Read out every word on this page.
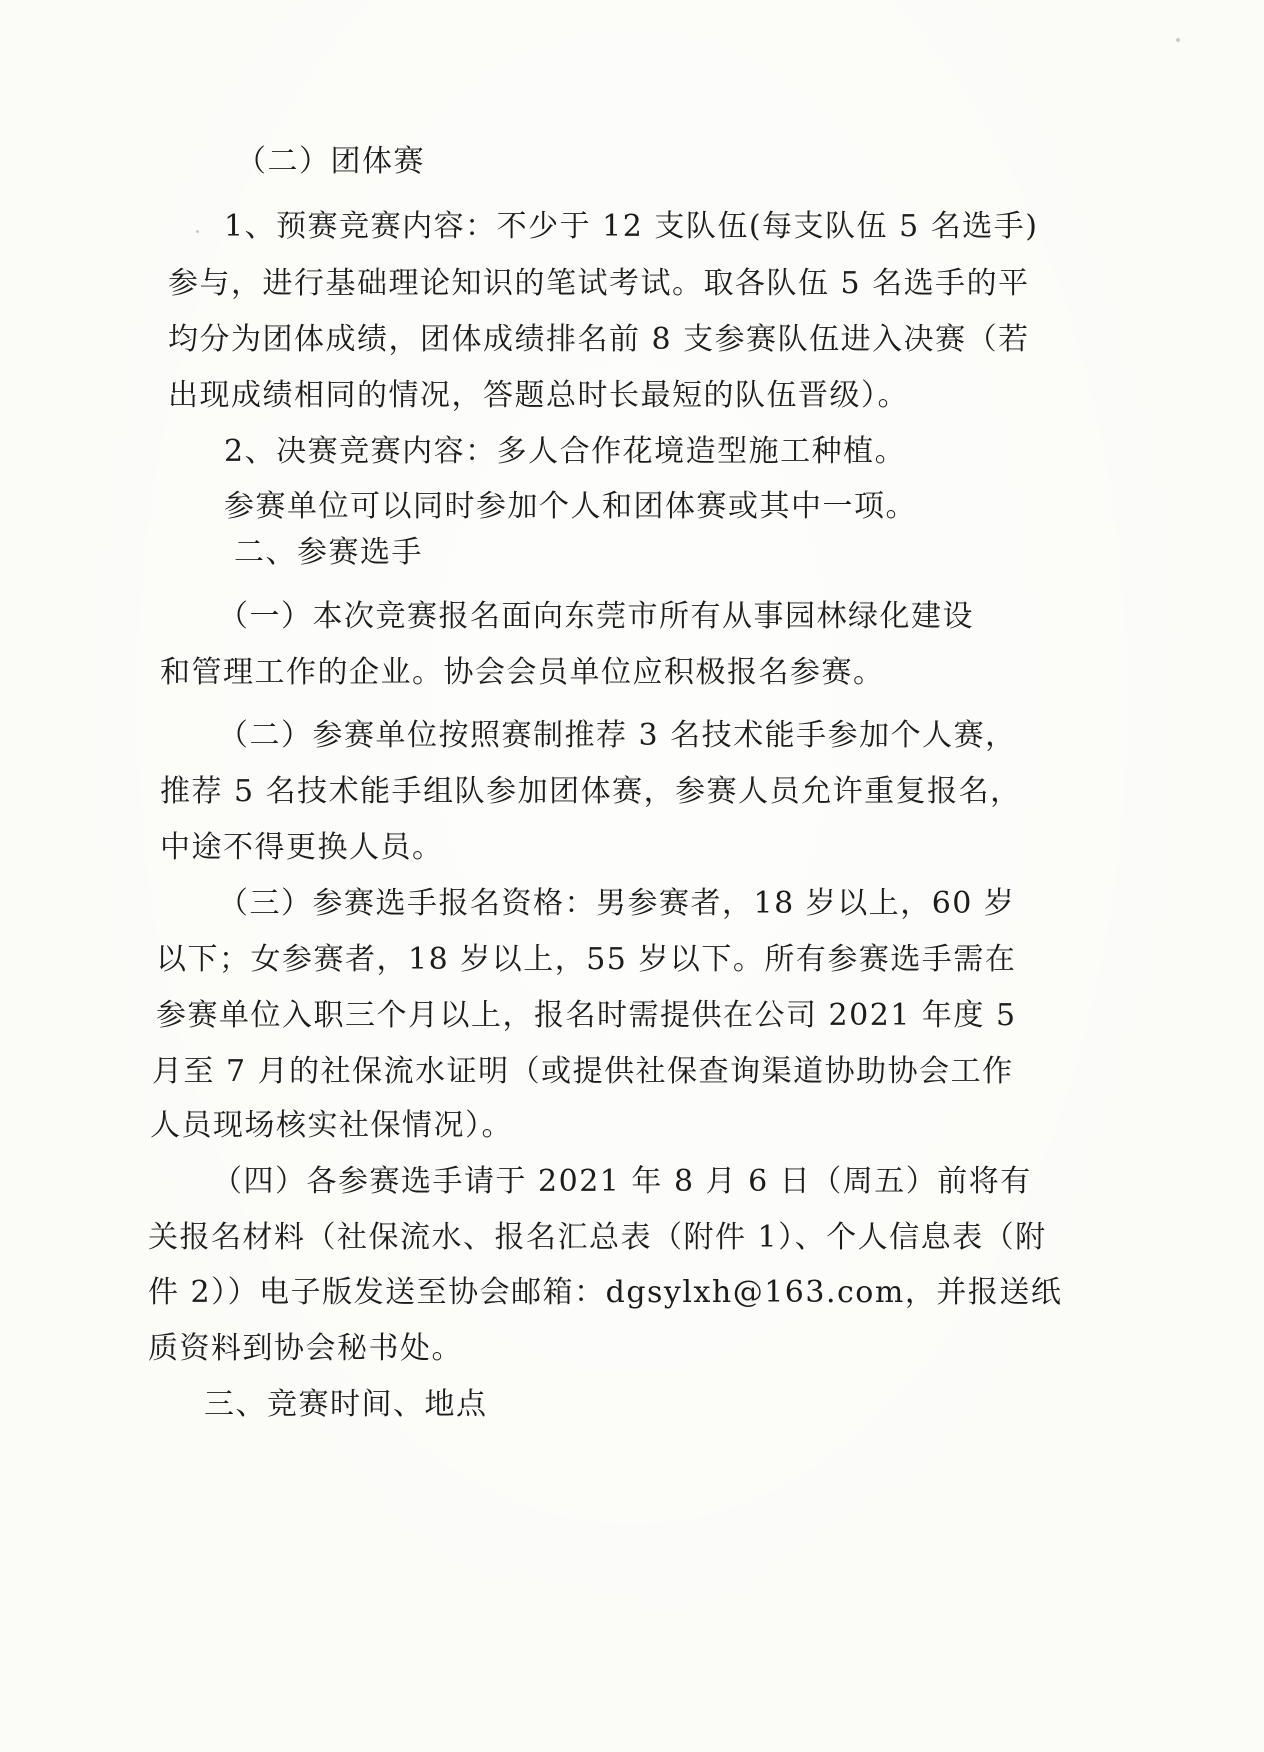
（二）团体赛
1、预赛竞赛内容：不少于 12 支队伍(每支队伍 5 名选手)
参与，进行基础理论知识的笔试考试。取各队伍 5 名选手的平
均分为团体成绩，团体成绩排名前 8 支参赛队伍进入决赛（若
出现成绩相同的情况，答题总时长最短的队伍晋级）。
2、决赛竞赛内容：多人合作花境造型施工种植。
参赛单位可以同时参加个人和团体赛或其中一项。
二、参赛选手
（一）本次竞赛报名面向东莞市所有从事园林绿化建设
和管理工作的企业。协会会员单位应积极报名参赛。
（二）参赛单位按照赛制推荐 3 名技术能手参加个人赛，
推荐 5 名技术能手组队参加团体赛，参赛人员允许重复报名，
中途不得更换人员。
（三）参赛选手报名资格：男参赛者，18 岁以上，60 岁
以下；女参赛者，18 岁以上，55 岁以下。所有参赛选手需在
参赛单位入职三个月以上，报名时需提供在公司 2021 年度 5
月至 7 月的社保流水证明（或提供社保查询渠道协助协会工作
人员现场核实社保情况）。
（四）各参赛选手请于 2021 年 8 月 6 日（周五）前将有
关报名材料（社保流水、报名汇总表（附件 1）、个人信息表（附
件 2））电子版发送至协会邮箱：dgsylxh@163.com，并报送纸
质资料到协会秘书处。
三、竞赛时间、地点
